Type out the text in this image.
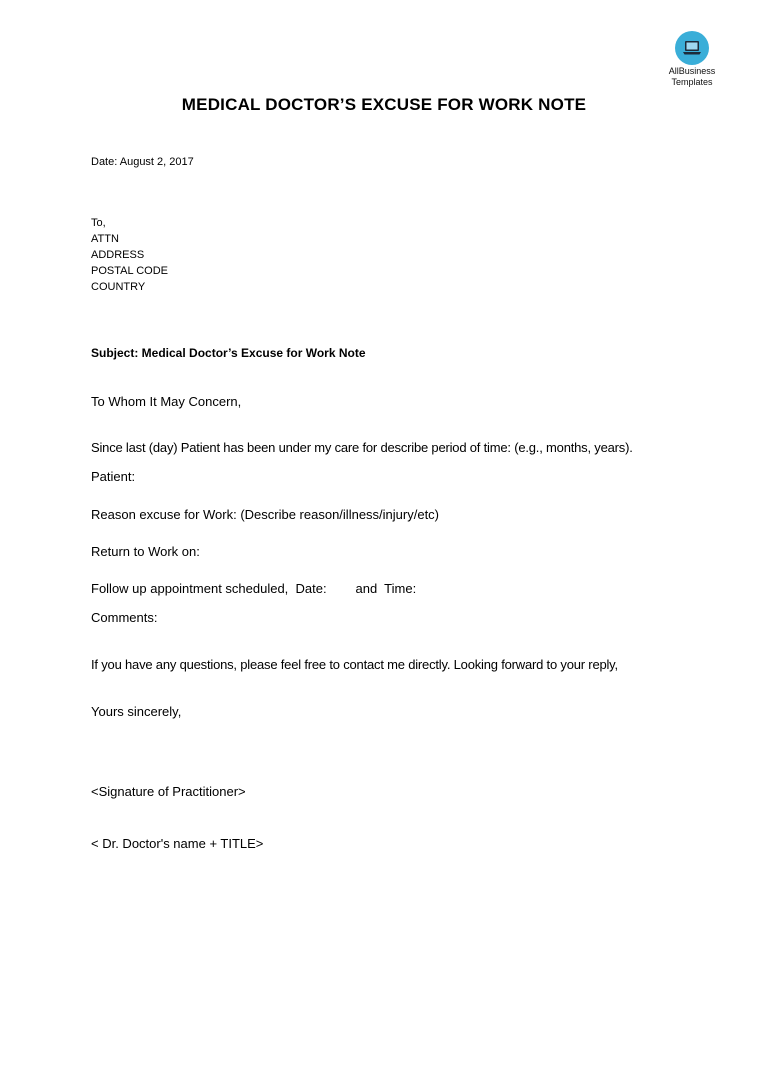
AllBusiness
Templates
MEDICAL DOCTOR’S EXCUSE FOR WORK NOTE
Date: August 2, 2017
To,
ATTN
ADDRESS
POSTAL CODE
COUNTRY
Subject: Medical Doctor’s Excuse for Work Note
To Whom It May Concern,
Since last (day) Patient has been under my care for describe period of time: (e.g., months, years).
Patient:
Reason excuse for Work: (Describe reason/illness/injury/etc)
Return to Work on:
Follow up appointment scheduled,  Date:        and  Time:
Comments:
If you have any questions, please feel free to contact me directly. Looking forward to your reply,
Yours sincerely,
<Signature of Practitioner>
< Dr. Doctor's name + TITLE>
